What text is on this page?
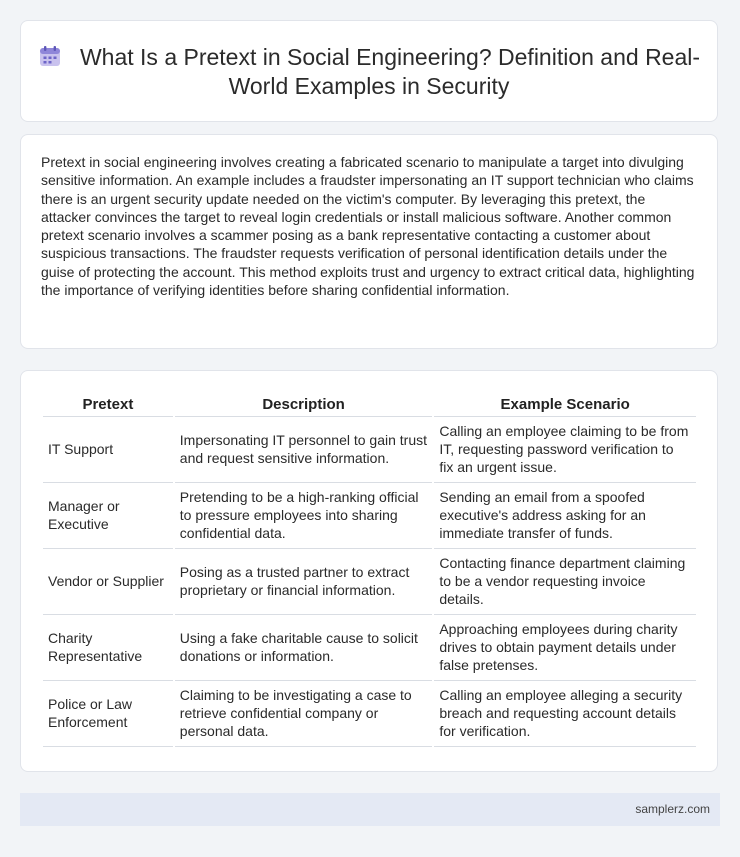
What Is a Pretext in Social Engineering? Definition and Real-World Examples in Security
Pretext in social engineering involves creating a fabricated scenario to manipulate a target into divulging sensitive information. An example includes a fraudster impersonating an IT support technician who claims there is an urgent security update needed on the victim's computer. By leveraging this pretext, the attacker convinces the target to reveal login credentials or install malicious software. Another common pretext scenario involves a scammer posing as a bank representative contacting a customer about suspicious transactions. The fraudster requests verification of personal identification details under the guise of protecting the account. This method exploits trust and urgency to extract critical data, highlighting the importance of verifying identities before sharing confidential information.
Pretext	Description	Example Scenario
IT Support	Impersonating IT personnel to gain trust and request sensitive information.	Calling an employee claiming to be from IT, requesting password verification to fix an urgent issue.
Manager or Executive	Pretending to be a high-ranking official to pressure employees into sharing confidential data.	Sending an email from a spoofed executive's address asking for an immediate transfer of funds.
Vendor or Supplier	Posing as a trusted partner to extract proprietary or financial information.	Contacting finance department claiming to be a vendor requesting invoice details.
Charity Representative	Using a fake charitable cause to solicit donations or information.	Approaching employees during charity drives to obtain payment details under false pretenses.
Police or Law Enforcement	Claiming to be investigating a case to retrieve confidential company or personal data.	Calling an employee alleging a security breach and requesting account details for verification.
samplerz.com
